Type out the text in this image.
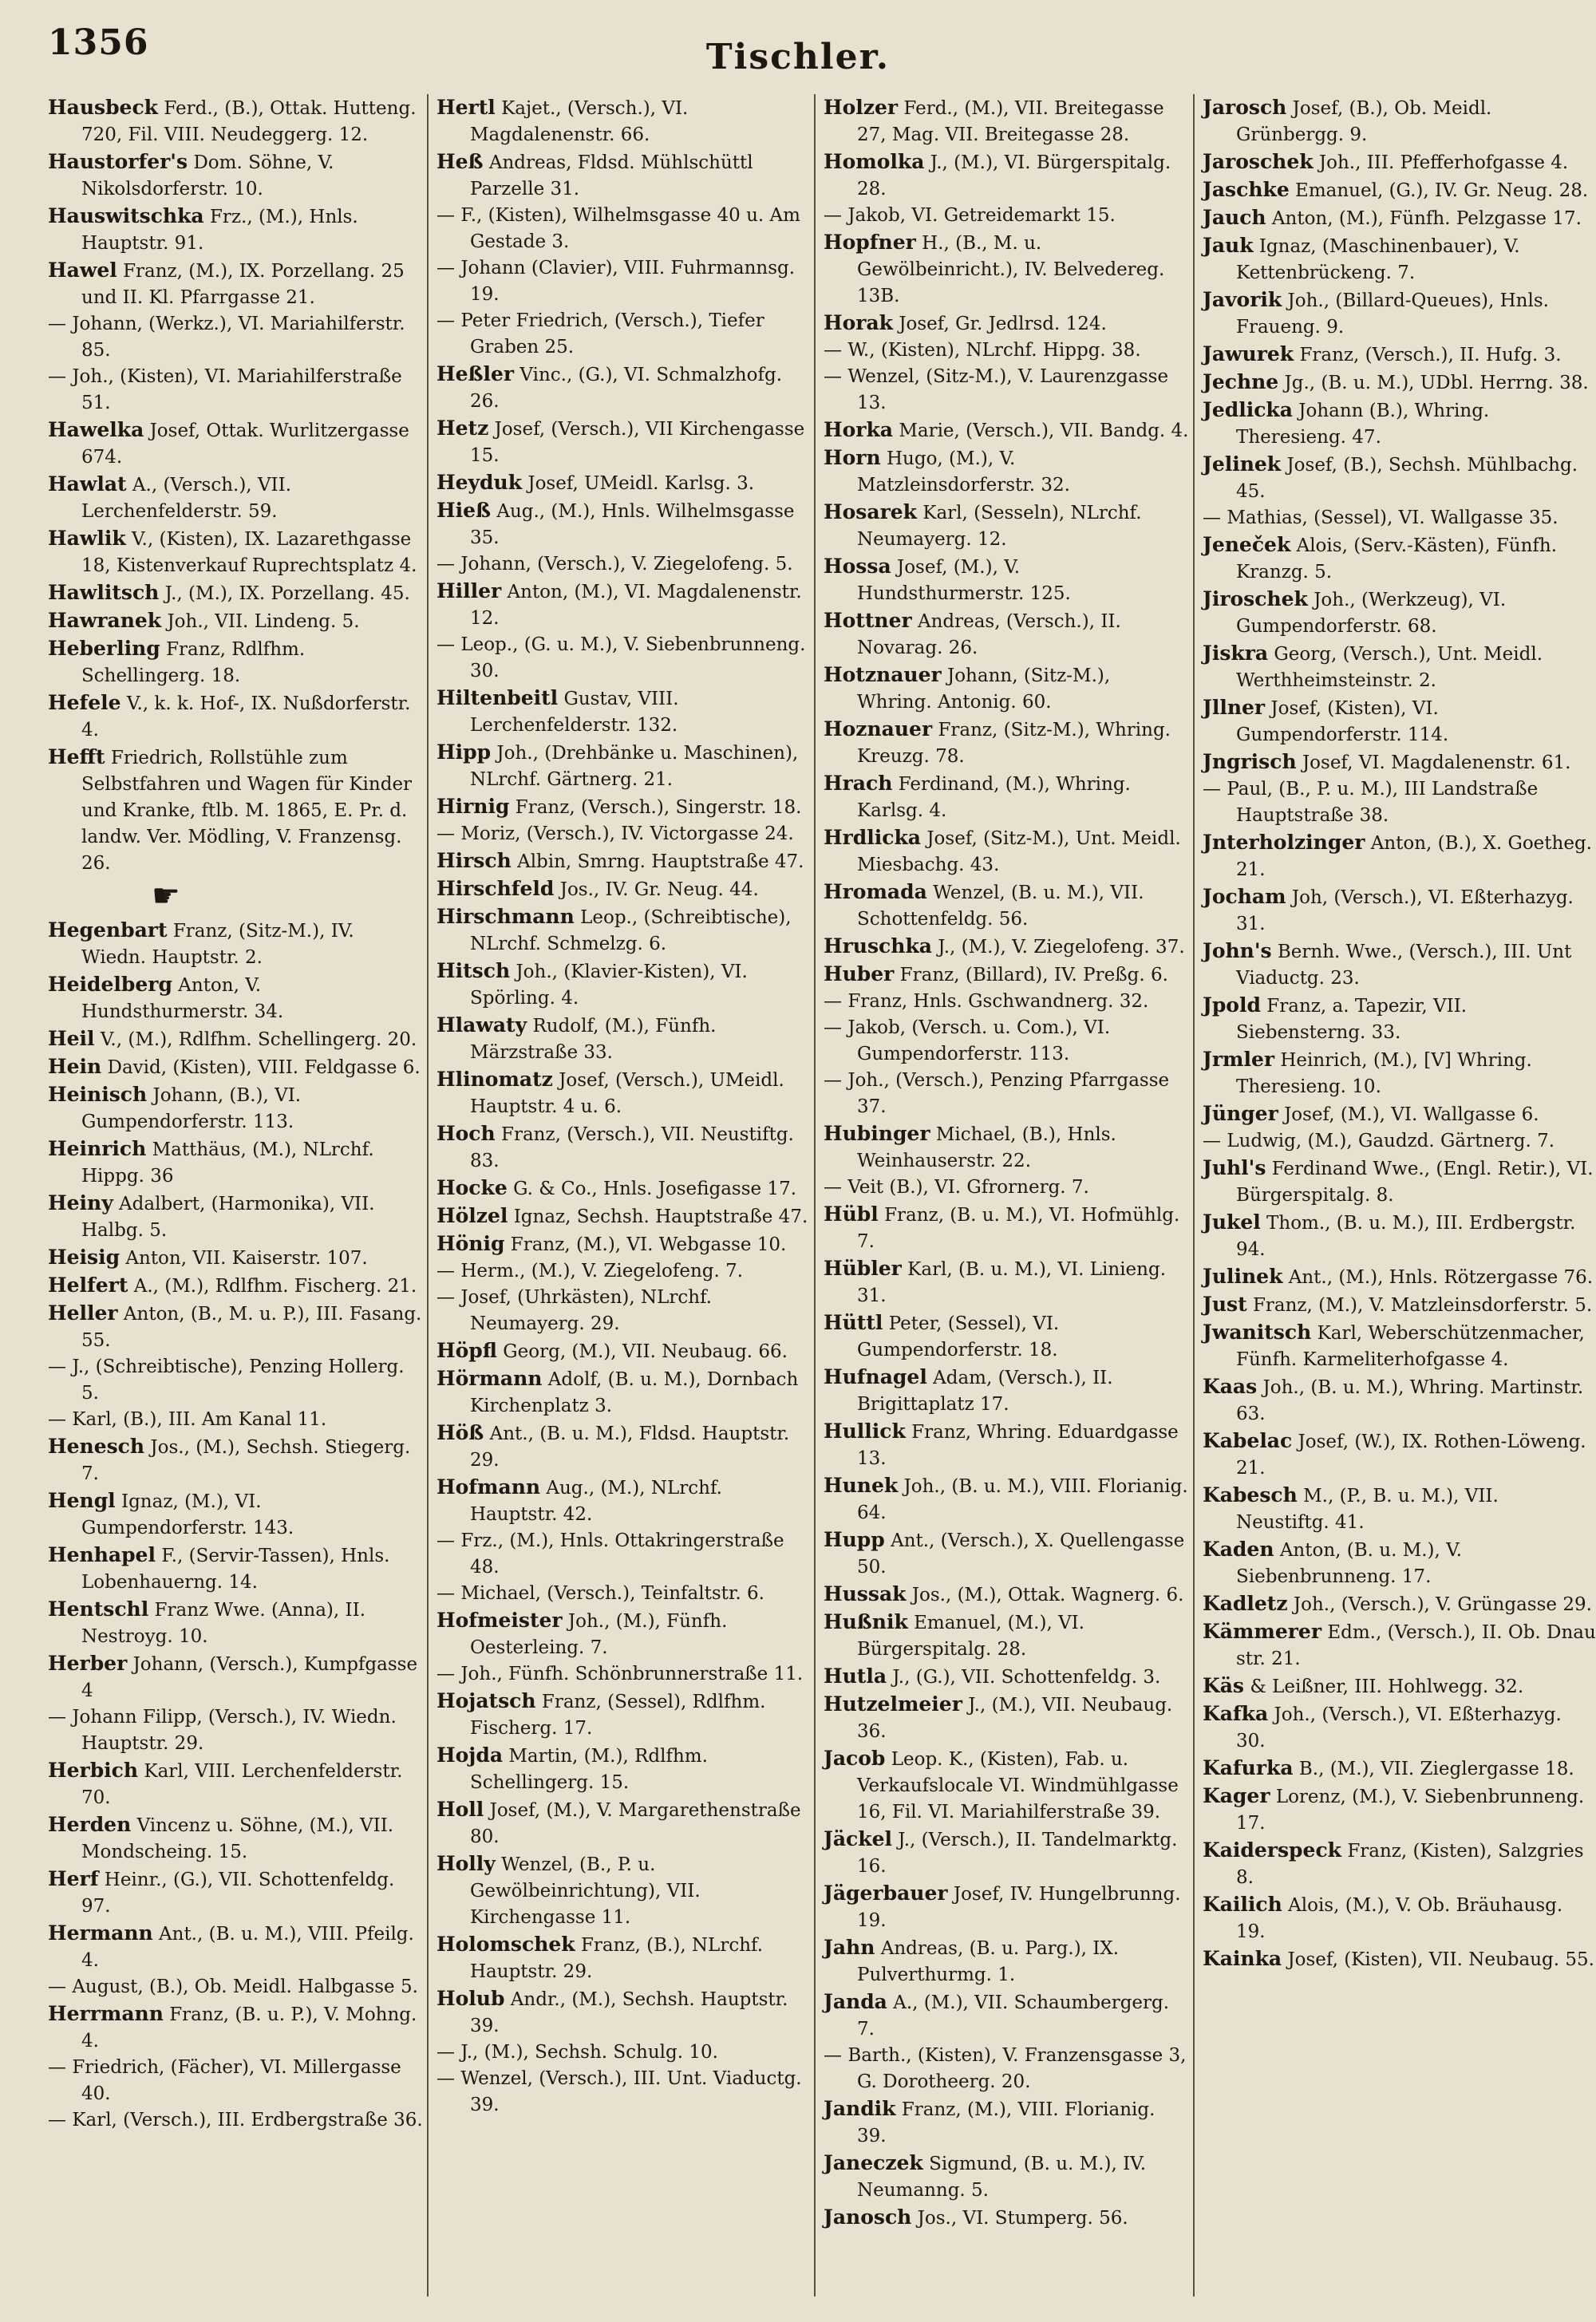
1356	Tischler.

Hausbeck Ferd., (B.), Ottak. Hutteng. 720, Fil. VIII. Neudeggerg. 12.

Haustorfer's Dom. Söhne, V. Nikolsdorferstr. 10.

Hauswitschka Frz., (M.), Hnls. Hauptstr. 91.

Hawel Franz, (M.), IX. Porzellang. 25 und II. Kl. Pfarrgasse 21.

— Johann, (Werkz.), VI. Mariahilferstr. 85.

— Joh., (Kisten), VI. Mariahilferstraße 51.

Hawelka Josef, Ottak. Wurlitzergasse 674.

Hawlat A., (Versch.), VII. Lerchenfelderstr. 59.

Hawlik V., (Kisten), IX. Lazarethgasse 18, Kistenverkauf Ruprechtsplatz 4.

Hawlitsch J., (M.), IX. Porzellang. 45.

Hawranek Joh., VII. Lindeng. 5.

Heberling Franz, Rdlfhm. Schellingerg. 18.

Hefele V., k. k. Hof-, IX. Nußdorferstr. 4.

Hefft Friedrich, Rollstühle zum Selbstfahren und Wagen für Kinder und Kranke, ftlb. M. 1865, E. Pr. d. landw. Ver. Mödling, V. Franzensg. 26.

☛

Hegenbart Franz, (Sitz-M.), IV. Wiedn. Hauptstr. 2.

Heidelberg Anton, V. Hundsthurmerstr. 34.

Heil V., (M.), Rdlfhm. Schellingerg. 20.

Hein David, (Kisten), VIII. Feldgasse 6.

Heinisch Johann, (B.), VI. Gumpendorferstr. 113.

Heinrich Matthäus, (M.), NLrchf. Hippg. 36

Heiny Adalbert, (Harmonika), VII. Halbg. 5.

Heisig Anton, VII. Kaiserstr. 107.

Helfert A., (M.), Rdlfhm. Fischerg. 21.

Heller Anton, (B., M. u. P.), III. Fasang. 55.

— J., (Schreibtische), Penzing Hollerg. 5.

— Karl, (B.), III. Am Kanal 11.

Henesch Jos., (M.), Sechsh. Stiegerg. 7.

Hengl Ignaz, (M.), VI. Gumpendorferstr. 143.

Henhapel F., (Servir-Tassen), Hnls. Lobenhauerng. 14.

Hentschl Franz Wwe. (Anna), II. Nestroyg. 10.

Herber Johann, (Versch.), Kumpfgasse 4

— Johann Filipp, (Versch.), IV. Wiedn. Hauptstr. 29.

Herbich Karl, VIII. Lerchenfelderstr. 70.

Herden Vincenz u. Söhne, (M.), VII. Mondscheing. 15.

Herf Heinr., (G.), VII. Schottenfeldg. 97.

Hermann Ant., (B. u. M.), VIII. Pfeilg. 4.

— August, (B.), Ob. Meidl. Halbgasse 5.

Herrmann Franz, (B. u. P.), V. Mohng. 4.

— Friedrich, (Fächer), VI. Millergasse 40.

— Karl, (Versch.), III. Erdbergstraße 36.

Hertl Kajet., (Versch.), VI. Magdalenenstr. 66.

Heß Andreas, Fldsd. Mühlschüttl Parzelle 31.

— F., (Kisten), Wilhelmsgasse 40 u. Am Gestade 3.

— Johann (Clavier), VIII. Fuhrmannsg. 19.

— Peter Friedrich, (Versch.), Tiefer Graben 25.

Heßler Vinc., (G.), VI. Schmalzhofg. 26.

Hetz Josef, (Versch.), VII Kirchengasse 15.

Heyduk Josef, UMeidl. Karlsg. 3.

Hieß Aug., (M.), Hnls. Wilhelmsgasse 35.

— Johann, (Versch.), V. Ziegelofeng. 5.

Hiller Anton, (M.), VI. Magdalenenstr. 12.

— Leop., (G. u. M.), V. Siebenbrunneng. 30.

Hiltenbeitl Gustav, VIII. Lerchenfelderstr. 132.

Hipp Joh., (Drehbänke u. Maschinen), NLrchf. Gärtnerg. 21.

Hirnig Franz, (Versch.), Singerstr. 18.

— Moriz, (Versch.), IV. Victorgasse 24.

Hirsch Albin, Smrng. Hauptstraße 47.

Hirschfeld Jos., IV. Gr. Neug. 44.

Hirschmann Leop., (Schreibtische), NLrchf. Schmelzg. 6.

Hitsch Joh., (Klavier-Kisten), VI. Spörling. 4.

Hlawaty Rudolf, (M.), Fünfh. Märzstraße 33.

Hlinomatz Josef, (Versch.), UMeidl. Hauptstr. 4 u. 6.

Hoch Franz, (Versch.), VII. Neustiftg. 83.

Hocke G. & Co., Hnls. Josefigasse 17.

Hölzel Ignaz, Sechsh. Hauptstraße 47.

Hönig Franz, (M.), VI. Webgasse 10.

— Herm., (M.), V. Ziegelofeng. 7.

— Josef, (Uhrkästen), NLrchf. Neumayerg. 29.

Höpfl Georg, (M.), VII. Neubaug. 66.

Hörmann Adolf, (B. u. M.), Dornbach Kirchenplatz 3.

Höß Ant., (B. u. M.), Fldsd. Hauptstr. 29.

Hofmann Aug., (M.), NLrchf. Hauptstr. 42.

— Frz., (M.), Hnls. Ottakringerstraße 48.

— Michael, (Versch.), Teinfaltstr. 6.

Hofmeister Joh., (M.), Fünfh. Oesterleing. 7.

— Joh., Fünfh. Schönbrunnerstraße 11.

Hojatsch Franz, (Sessel), Rdlfhm. Fischerg. 17.

Hojda Martin, (M.), Rdlfhm. Schellingerg. 15.

Holl Josef, (M.), V. Margarethenstraße 80.

Holly Wenzel, (B., P. u. Gewölbeinrichtung), VII. Kirchengasse 11.

Holomschek Franz, (B.), NLrchf. Hauptstr. 29.

Holub Andr., (M.), Sechsh. Hauptstr. 39.

— J., (M.), Sechsh. Schulg. 10.

— Wenzel, (Versch.), III. Unt. Viaductg. 39.

Holzer Ferd., (M.), VII. Breitegasse 27, Mag. VII. Breitegasse 28.

Homolka J., (M.), VI. Bürgerspitalg. 28.

— Jakob, VI. Getreidemarkt 15.

Hopfner H., (B., M. u. Gewölbeinricht.), IV. Belvedereg. 13B.

Horak Josef, Gr. Jedlrsd. 124.

— W., (Kisten), NLrchf. Hippg. 38.

— Wenzel, (Sitz-M.), V. Laurenzgasse 13.

Horka Marie, (Versch.), VII. Bandg. 4.

Horn Hugo, (M.), V. Matzleinsdorferstr. 32.

Hosarek Karl, (Sesseln), NLrchf. Neumayerg. 12.

Hossa Josef, (M.), V. Hundsthurmerstr. 125.

Hottner Andreas, (Versch.), II. Novarag. 26.

Hotznauer Johann, (Sitz-M.), Whring. Antonig. 60.

Hoznauer Franz, (Sitz-M.), Whring. Kreuzg. 78.

Hrach Ferdinand, (M.), Whring. Karlsg. 4.

Hrdlicka Josef, (Sitz-M.), Unt. Meidl. Miesbachg. 43.

Hromada Wenzel, (B. u. M.), VII. Schottenfeldg. 56.

Hruschka J., (M.), V. Ziegelofeng. 37.

Huber Franz, (Billard), IV. Preßg. 6.

— Franz, Hnls. Gschwandnerg. 32.

— Jakob, (Versch. u. Com.), VI. Gumpendorferstr. 113.

— Joh., (Versch.), Penzing Pfarrgasse 37.

Hubinger Michael, (B.), Hnls. Weinhauserstr. 22.

— Veit (B.), VI. Gfrornerg. 7.

Hübl Franz, (B. u. M.), VI. Hofmühlg. 7.

Hübler Karl, (B. u. M.), VI. Linieng. 31.

Hüttl Peter, (Sessel), VI. Gumpendorferstr. 18.

Hufnagel Adam, (Versch.), II. Brigittaplatz 17.

Hullick Franz, Whring. Eduardgasse 13.

Hunek Joh., (B. u. M.), VIII. Florianig. 64.

Hupp Ant., (Versch.), X. Quellengasse 50.

Hussak Jos., (M.), Ottak. Wagnerg. 6.

Hußnik Emanuel, (M.), VI. Bürgerspitalg. 28.

Hutla J., (G.), VII. Schottenfeldg. 3.

Hutzelmeier J., (M.), VII. Neubaug. 36.

Jacob Leop. K., (Kisten), Fab. u. Verkaufslocale VI. Windmühlgasse 16, Fil. VI. Mariahilferstraße 39.

Jäckel J., (Versch.), II. Tandelmarktg. 16.

Jägerbauer Josef, IV. Hungelbrunng. 19.

Jahn Andreas, (B. u. Parg.), IX. Pulverthurmg. 1.

Janda A., (M.), VII. Schaumbergerg. 7.

— Barth., (Kisten), V. Franzensgasse 3, G. Dorotheerg. 20.

Jandik Franz, (M.), VIII. Florianig. 39.

Janeczek Sigmund, (B. u. M.), IV. Neumanng. 5.

Janosch Jos., VI. Stumperg. 56.

Jarosch Josef, (B.), Ob. Meidl. Grünbergg. 9.

Jaroschek Joh., III. Pfefferhofgasse 4.

Jaschke Emanuel, (G.), IV. Gr. Neug. 28.

Jauch Anton, (M.), Fünfh. Pelzgasse 17.

Jauk Ignaz, (Maschinenbauer), V. Kettenbrückeng. 7.

Javorik Joh., (Billard-Queues), Hnls. Fraueng. 9.

Jawurek Franz, (Versch.), II. Hufg. 3.

Jechne Jg., (B. u. M.), UDbl. Herrng. 38.

Jedlicka Johann (B.), Whring. Theresieng. 47.

Jelinek Josef, (B.), Sechsh. Mühlbachg. 45.

— Mathias, (Sessel), VI. Wallgasse 35.

Jeneček Alois, (Serv.-Kästen), Fünfh. Kranzg. 5.

Jiroschek Joh., (Werkzeug), VI. Gumpendorferstr. 68.

Jiskra Georg, (Versch.), Unt. Meidl. Werthheimsteinstr. 2.

Jllner Josef, (Kisten), VI. Gumpendorferstr. 114.

Jngrisch Josef, VI. Magdalenenstr. 61.

— Paul, (B., P. u. M.), III Landstraße Hauptstraße 38.

Jnterholzinger Anton, (B.), X. Goetheg. 21.

Jocham Joh, (Versch.), VI. Eßterhazyg. 31.

John's Bernh. Wwe., (Versch.), III. Unt Viaductg. 23.

Jpold Franz, a. Tapezir, VII. Siebensterng. 33.

Jrmler Heinrich, (M.), [V] Whring. Theresieng. 10.

Jünger Josef, (M.), VI. Wallgasse 6.

— Ludwig, (M.), Gaudzd. Gärtnerg. 7.

Juhl's Ferdinand Wwe., (Engl. Retir.), VI. Bürgerspitalg. 8.

Jukel Thom., (B. u. M.), III. Erdbergstr. 94.

Julinek Ant., (M.), Hnls. Rötzergasse 76.

Just Franz, (M.), V. Matzleinsdorferstr. 5.

Jwanitsch Karl, Weberschützenmacher, Fünfh. Karmeliterhofgasse 4.

Kaas Joh., (B. u. M.), Whring. Martinstr. 63.

Kabelac Josef, (W.), IX. Rothen-Löweng. 21.

Kabesch M., (P., B. u. M.), VII. Neustiftg. 41.

Kaden Anton, (B. u. M.), V. Siebenbrunneng. 17.

Kadletz Joh., (Versch.), V. Grüngasse 29.

Kämmerer Edm., (Versch.), II. Ob. Dnau str. 21.

Käs & Leißner, III. Hohlwegg. 32.

Kafka Joh., (Versch.), VI. Eßterhazyg. 30.

Kafurka B., (M.), VII. Zieglergasse 18.

Kager Lorenz, (M.), V. Siebenbrunneng. 17.

Kaiderspeck Franz, (Kisten), Salzgries 8.

Kailich Alois, (M.), V. Ob. Bräuhausg. 19.

Kainka Josef, (Kisten), VII. Neubaug. 55.
